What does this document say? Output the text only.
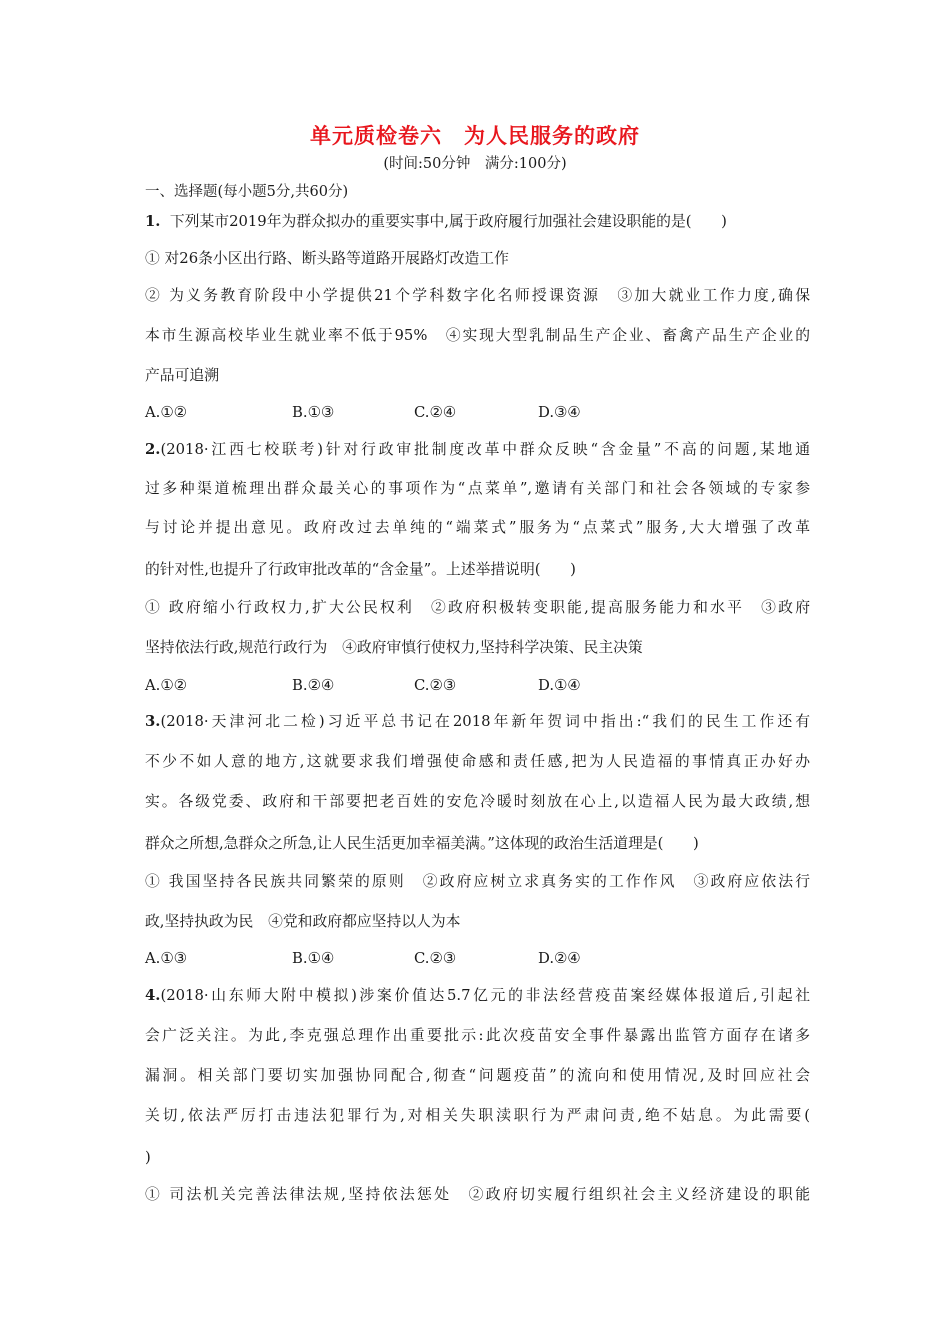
单元质检卷六 为人民服务的政府
(时间:50分钟　满分:100分)
一、选择题(每小题5分,共60分)
1. 下列某市2019年为群众拟办的重要实事中,属于政府履行加强社会建设职能的是(　　)
① 对26条小区出行路、断头路等道路开展路灯改造工作
② 为义务教育阶段中小学提供21个学科数字化名师授课资源　③加大就业工作力度,确保
本市生源高校毕业生就业率不低于95%　④实现大型乳制品生产企业、畜禽产品生产企业的
产品可追溯
A.①②	B.①③	C.②④	D.③④
2.(2018·江西七校联考)针对行政审批制度改革中群众反映“含金量”不高的问题,某地通
过多种渠道梳理出群众最关心的事项作为“点菜单”,邀请有关部门和社会各领域的专家参
与讨论并提出意见。政府改过去单纯的“端菜式”服务为“点菜式”服务,大大增强了改革
的针对性,也提升了行政审批改革的“含金量”。上述举措说明(　　)
① 政府缩小行政权力,扩大公民权利　②政府积极转变职能,提高服务能力和水平　③政府
坚持依法行政,规范行政行为　④政府审慎行使权力,坚持科学决策、民主决策
A.①②	B.②④	C.②③	D.①④
3.(2018·天津河北二检)习近平总书记在2018年新年贺词中指出:“我们的民生工作还有
不少不如人意的地方,这就要求我们增强使命感和责任感,把为人民造福的事情真正办好办
实。各级党委、政府和干部要把老百姓的安危冷暖时刻放在心上,以造福人民为最大政绩,想
群众之所想,急群众之所急,让人民生活更加幸福美满。”这体现的政治生活道理是(　　)
① 我国坚持各民族共同繁荣的原则　②政府应树立求真务实的工作作风　③政府应依法行
政,坚持执政为民　④党和政府都应坚持以人为本
A.①③	B.①④	C.②③	D.②④
4.(2018·山东师大附中模拟)涉案价值达5.7亿元的非法经营疫苗案经媒体报道后,引起社
会广泛关注。为此,李克强总理作出重要批示:此次疫苗安全事件暴露出监管方面存在诸多
漏洞。相关部门要切实加强协同配合,彻查“问题疫苗”的流向和使用情况,及时回应社会
关切,依法严厉打击违法犯罪行为,对相关失职渎职行为严肃问责,绝不姑息。为此需要(
)
① 司法机关完善法律法规,坚持依法惩处　②政府切实履行组织社会主义经济建设的职能
